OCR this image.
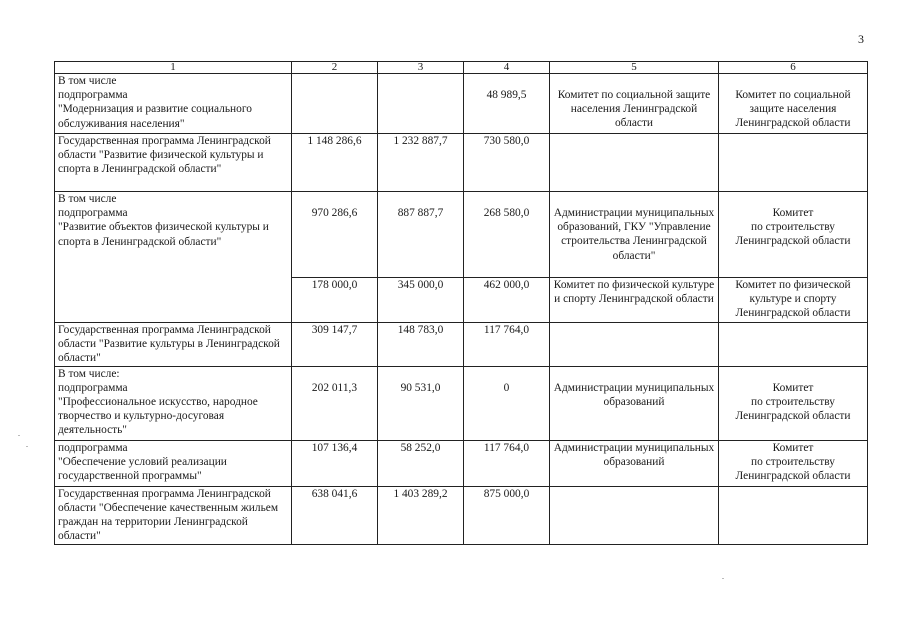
3
1	2	3	4	5	6
В том числе
подпрограмма
"Модернизация и развитие социального обслуживания населения"			48 989,5	Комитет по социальной защите населения Ленинградской области	Комитет по социальной защите населения Ленинградской области
Государственная программа Ленинградской области "Развитие физической культуры и спорта в Ленинградской области"	1 148 286,6	1 232 887,7	730 580,0		
В том числе
подпрограмма
"Развитие объектов физической культуры и спорта в Ленинградской области"	970 286,6	887 887,7	268 580,0	Администрации муниципальных образований, ГКУ "Управление строительства Ленинградской области"	Комитет
по строительству Ленинградской области
	178 000,0	345 000,0	462 000,0	Комитет по физической культуре и спорту Ленинградской области	Комитет по физической культуре и спорту Ленинградской области
Государственная программа Ленинградской области "Развитие культуры в Ленинградской области"	309 147,7	148 783,0	117 764,0		
В том числе:
подпрограмма
"Профессиональное искусство, народное творчество и культурно-досуговая деятельность"	202 011,3	90 531,0	0	Администрации муниципальных образований	Комитет
по строительству Ленинградской области
подпрограмма
"Обеспечение условий реализации государственной программы"	107 136,4	58 252,0	117 764,0	Администрации муниципальных образований	Комитет
по строительству Ленинградской области
Государственная программа Ленинградской области "Обеспечение качественным жильем граждан на территории Ленинградской области"	638 041,6	1 403 289,2	875 000,0		
